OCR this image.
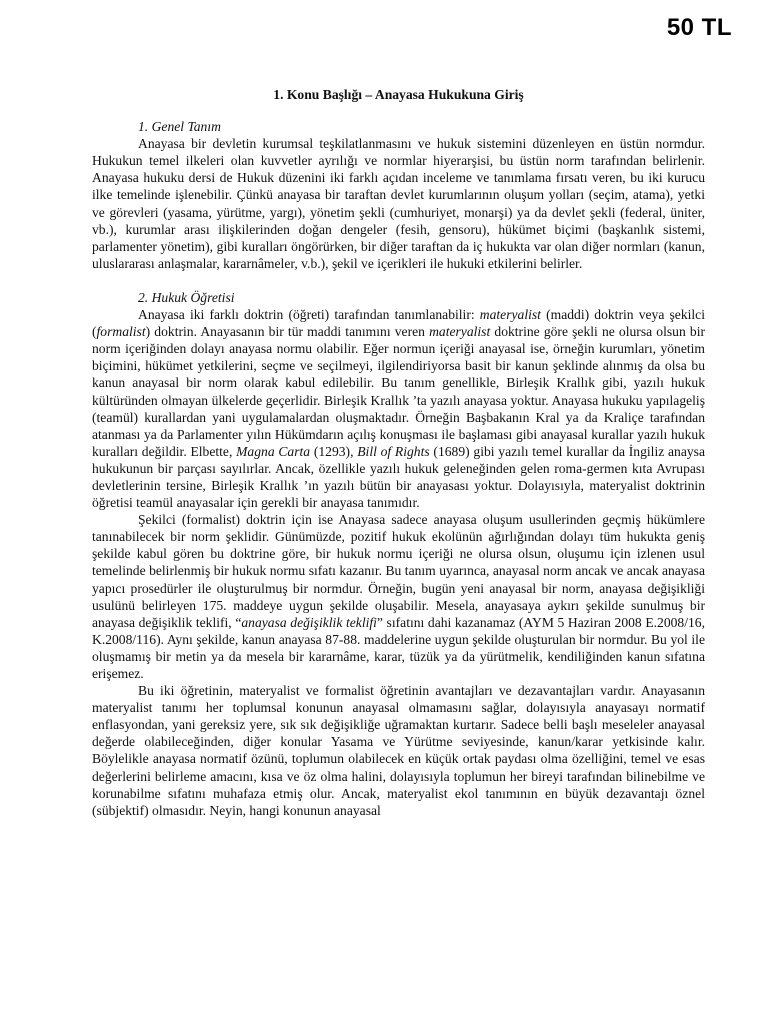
50 TL
1. Konu Başlığı – Anayasa Hukukuna Giriş
1. Genel Tanım

Anayasa bir devletin kurumsal teşkilatlanmasını ve hukuk sistemini düzenleyen en üstün normdur. Hukukun temel ilkeleri olan kuvvetler ayrılığı ve normlar hiyerarşisi, bu üstün norm tarafından belirlenir. Anayasa hukuku dersi de Hukuk düzenini iki farklı açıdan inceleme ve tanımlama fırsatı veren, bu iki kurucu ilke temelinde işlenebilir. Çünkü anayasa bir taraftan devlet kurumlarının oluşum yolları (seçim, atama), yetki ve görevleri (yasama, yürütme, yargı), yönetim şekli (cumhuriyet, monarşi) ya da devlet şekli (federal, üniter, vb.), kurumlar arası ilişkilerinden doğan dengeler (fesih, gensoru), hükümet biçimi (başkanlık sistemi, parlamenter yönetim), gibi kuralları öngörürken, bir diğer taraftan da iç hukukta var olan diğer normları (kanun, uluslararası anlaşmalar, kararnâmeler, v.b.), şekil ve içerikleri ile hukuki etkilerini belirler.

2. Hukuk Öğretisi

Anayasa iki farklı doktrin (öğreti) tarafından tanımlanabilir: materyalist (maddi) doktrin veya şekilci (formalist) doktrin. Anayasanın bir tür maddi tanımını veren materyalist doktrine göre şekli ne olursa olsun bir norm içeriğinden dolayı anayasa normu olabilir. Eğer normun içeriği anayasal ise, örneğin kurumları, yönetim biçimini, hükümet yetkilerini, seçme ve seçilmeyi, ilgilendiriyorsa basit bir kanun şeklinde alınmış da olsa bu kanun anayasal bir norm olarak kabul edilebilir. Bu tanım genellikle, Birleşik Krallık gibi, yazılı hukuk kültüründen olmayan ülkelerde geçerlidir. Birleşik Krallık ’ta yazılı anayasa yoktur. Anayasa hukuku yapılageliş (teamül) kurallardan yani uygulamalardan oluşmaktadır. Örneğin Başbakanın Kral ya da Kraliçe tarafından atanması ya da Parlamenter yılın Hükümdarın açılış konuşması ile başlaması gibi anayasal kurallar yazılı hukuk kuralları değildir. Elbette, Magna Carta (1293), Bill of Rights (1689) gibi yazılı temel kurallar da İngiliz anaysa hukukunun bir parçası sayılırlar. Ancak, özellikle yazılı hukuk geleneğinden gelen roma-germen kıta Avrupası devletlerinin tersine, Birleşik Krallık ’ın yazılı bütün bir anayasası yoktur. Dolayısıyla, materyalist doktrinin öğretisi teamül anayasalar için gerekli bir anayasa tanımıdır.

Şekilci (formalist) doktrin için ise Anayasa sadece anayasa oluşum usullerinden geçmiş hükümlere tanınabilecek bir norm şeklidir. Günümüzde, pozitif hukuk ekolünün ağırlığından dolayı tüm hukukta geniş şekilde kabul gören bu doktrine göre, bir hukuk normu içeriği ne olursa olsun, oluşumu için izlenen usul temelinde belirlenmiş bir hukuk normu sıfatı kazanır. Bu tanım uyarınca, anayasal norm ancak ve ancak anayasa yapıcı prosedürler ile oluşturulmuş bir normdur. Örneğin, bugün yeni anayasal bir norm, anayasa değişikliği usulünü belirleyen 175. maddeye uygun şekilde oluşabilir. Mesela, anayasaya aykırı şekilde sunulmuş bir anayasa değişiklik teklifi, “anayasa değişiklik teklifi” sıfatını dahi kazanamaz (AYM 5 Haziran 2008 E.2008/16, K.2008/116). Aynı şekilde, kanun anayasa 87-88. maddelerine uygun şekilde oluşturulan bir normdur. Bu yol ile oluşmamış bir metin ya da mesela bir kararnâme, karar, tüzük ya da yürütmelik, kendiliğinden kanun sıfatına erişemez.

Bu iki öğretinin, materyalist ve formalist öğretinin avantajları ve dezavantajları vardır. Anayasanın materyalist tanımı her toplumsal konunun anayasal olmamasını sağlar, dolayısıyla anayasayı normatif enflasyondan, yani gereksiz yere, sık sık değişikliğe uğramaktan kurtarır. Sadece belli başlı meseleler anayasal değerde olabileceğinden, diğer konular Yasama ve Yürütme seviyesinde, kanun/karar yetkisinde kalır. Böylelikle anayasa normatif özünü, toplumun olabilecek en küçük ortak paydası olma özelliğini, temel ve esas değerlerini belirleme amacını, kısa ve öz olma halini, dolayısıyla toplumun her bireyi tarafından bilinebilme ve korunabilme sıfatını muhafaza etmiş olur. Ancak, materyalist ekol tanımının en büyük dezavantajı öznel (sübjektif) olmasıdır. Neyin, hangi konunun anayasal
